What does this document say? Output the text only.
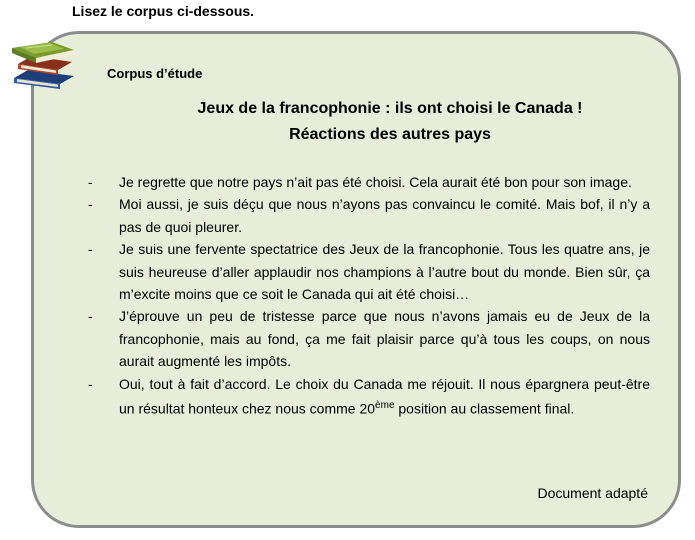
Lisez le corpus ci-dessous.
Corpus d’étude
Jeux de la francophonie : ils ont choisi le Canada !
Réactions des autres pays
- Je regrette que notre pays n’ait pas été choisi. Cela aurait été bon pour son image.
- Moi aussi, je suis déçu que nous n’ayons pas convaincu le comité. Mais bof, il n’y a pas de quoi pleurer.
- Je suis une fervente spectatrice des Jeux de la francophonie. Tous les quatre ans, je suis heureuse d’aller applaudir nos champions à l’autre bout du monde. Bien sûr, ça m’excite moins que ce soit le Canada qui ait été choisi…
- J’éprouve un peu de tristesse parce que nous n’avons jamais eu de Jeux de la francophonie, mais au fond, ça me fait plaisir parce qu’à tous les coups, on nous aurait augmenté les impôts.
- Oui, tout à fait d’accord. Le choix du Canada me réjouit. Il nous épargnera peut-être un résultat honteux chez nous comme 20ème position au classement final.
Document adapté
